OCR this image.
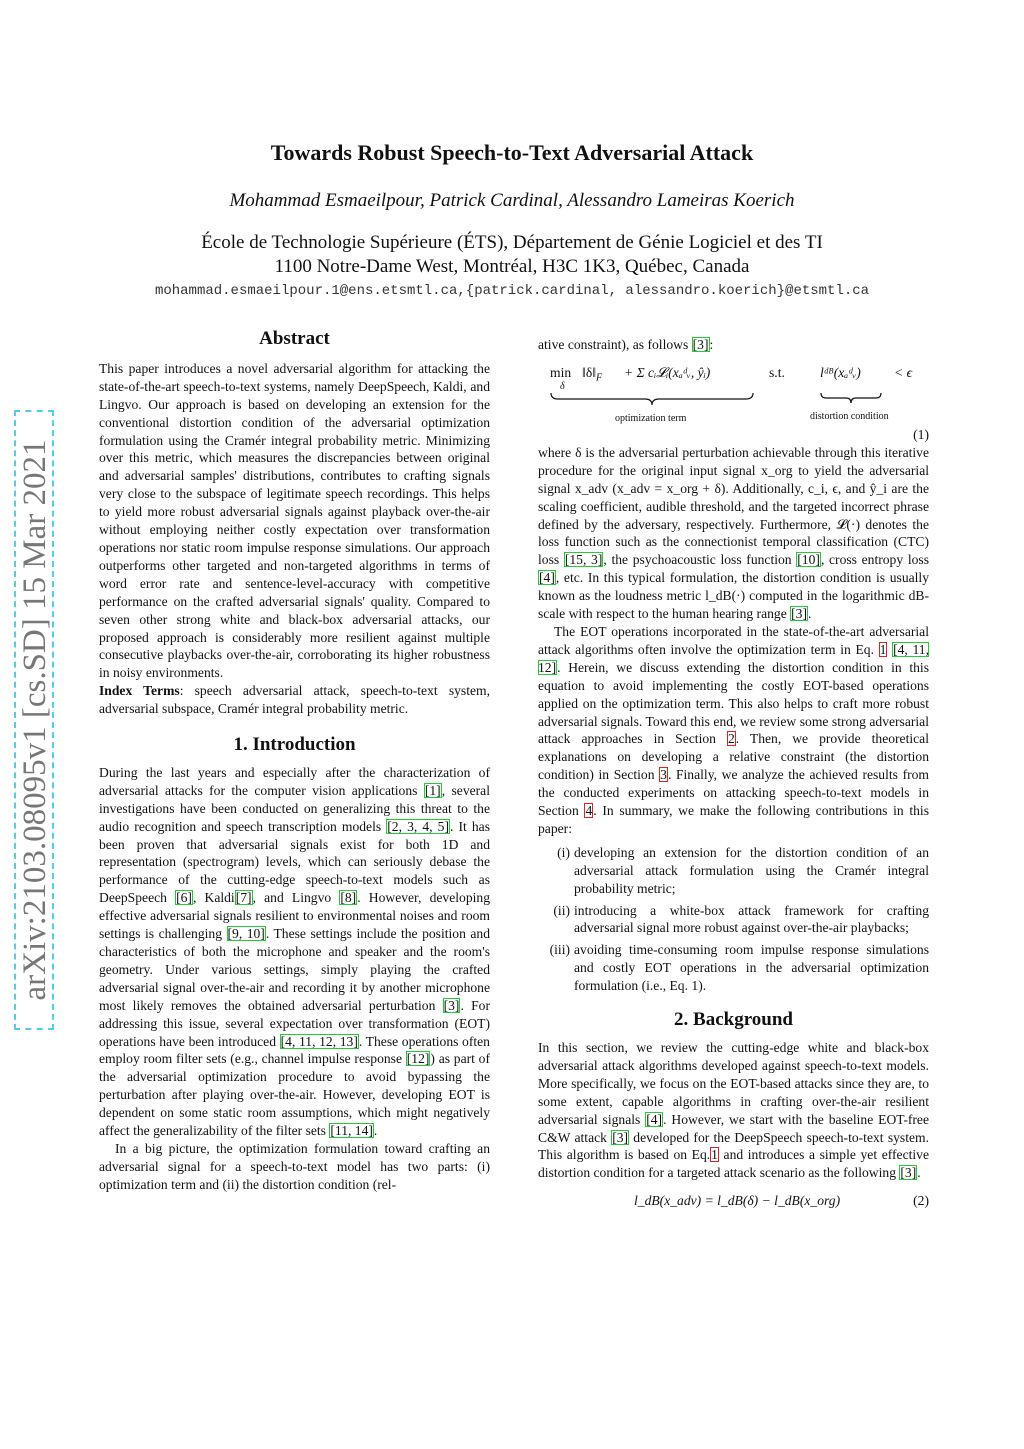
arXiv:2103.08095v1 [cs.SD] 15 Mar 2021
Towards Robust Speech-to-Text Adversarial Attack
Mohammad Esmaeilpour, Patrick Cardinal, Alessandro Lameiras Koerich
École de Technologie Supérieure (ÉTS), Département de Génie Logiciel et des TI
1100 Notre-Dame West, Montréal, H3C 1K3, Québec, Canada
mohammad.esmaeilpour.1@ens.etsmtl.ca,{patrick.cardinal, alessandro.koerich}@etsmtl.ca
Abstract

This paper introduces a novel adversarial algorithm for attacking the state-of-the-art speech-to-text systems, namely DeepSpeech, Kaldi, and Lingvo. Our approach is based on developing an extension for the conventional distortion condition of the adversarial optimization formulation using the Cramér integral probability metric. Minimizing over this metric, which measures the discrepancies between original and adversarial samples' distributions, contributes to crafting signals very close to the subspace of legitimate speech recordings. This helps to yield more robust adversarial signals against playback over-the-air without employing neither costly expectation over transformation operations nor static room impulse response simulations. Our approach outperforms other targeted and non-targeted algorithms in terms of word error rate and sentence-level-accuracy with competitive performance on the crafted adversarial signals' quality. Compared to seven other strong white and black-box adversarial attacks, our proposed approach is considerably more resilient against multiple consecutive playbacks over-the-air, corroborating its higher robustness in noisy environments.

Index Terms: speech adversarial attack, speech-to-text system, adversarial subspace, Cramér integral probability metric.

1. Introduction

During the last years and especially after the characterization of adversarial attacks for the computer vision applications [1], several investigations have been conducted on generalizing this threat to the audio recognition and speech transcription models [2, 3, 4, 5]. It has been proven that adversarial signals exist for both 1D and representation (spectrogram) levels, which can seriously debase the performance of the cutting-edge speech-to-text models such as DeepSpeech [6], Kaldi[7], and Lingvo [8]. However, developing effective adversarial signals resilient to environmental noises and room settings is challenging [9, 10]. These settings include the position and characteristics of both the microphone and speaker and the room's geometry. Under various settings, simply playing the crafted adversarial signal over-the-air and recording it by another microphone most likely removes the obtained adversarial perturbation [3]. For addressing this issue, several expectation over transformation (EOT) operations have been introduced [4, 11, 12, 13]. These operations often employ room filter sets (e.g., channel impulse response [12]) as part of the adversarial optimization procedure to avoid bypassing the perturbation after playing over-the-air. However, developing EOT is dependent on some static room assumptions, which might negatively affect the generalizability of the filter sets [11, 14].

In a big picture, the optimization formulation toward crafting an adversarial signal for a speech-to-text model has two parts: (i) optimization term and (ii) the distortion condition (rel-

ative constraint), as follows [3]:

min
δ
$‖\delta‖_F + \Sigma$ cᵢ𝓛ᵢ(xₐᵈᵥ, ŷᵢ)
optimization term
s.t.	lᵈᴮ(xₐᵈᵥ) < ϵ
distortion condition
(1)

where δ is the adversarial perturbation achievable through this iterative procedure for the original input signal x_org to yield the adversarial signal x_adv (x_adv = x_org + δ). Additionally, c_i, ϵ, and ŷ_i are the scaling coefficient, audible threshold, and the targeted incorrect phrase defined by the adversary, respectively. Furthermore, 𝓛(·) denotes the loss function such as the connectionist temporal classification (CTC) loss [15, 3], the psychoacoustic loss function [10], cross entropy loss [4], etc. In this typical formulation, the distortion condition is usually known as the loudness metric l_dB(·) computed in the logarithmic dB-scale with respect to the human hearing range [3].

The EOT operations incorporated in the state-of-the-art adversarial attack algorithms often involve the optimization term in Eq. 1 [4, 11, 12]. Herein, we discuss extending the distortion condition in this equation to avoid implementing the costly EOT-based operations applied on the optimization term. This also helps to craft more robust adversarial signals. Toward this end, we review some strong adversarial attack approaches in Section 2. Then, we provide theoretical explanations on developing a relative constraint (the distortion condition) in Section 3. Finally, we analyze the achieved results from the conducted experiments on attacking speech-to-text models in Section 4. In summary, we make the following contributions in this paper:

(i) developing an extension for the distortion condition of an adversarial attack formulation using the Cramér integral probability metric;
(ii) introducing a white-box attack framework for crafting adversarial signal more robust against over-the-air playbacks;
(iii) avoiding time-consuming room impulse response simulations and costly EOT operations in the adversarial optimization formulation (i.e., Eq. 1).
2. Background

In this section, we review the cutting-edge white and black-box adversarial attack algorithms developed against speech-to-text models. More specifically, we focus on the EOT-based attacks since they are, to some extent, capable algorithms in crafting over-the-air resilient adversarial signals [4]. However, we start with the baseline EOT-free C&W attack [3] developed for the DeepSpeech speech-to-text system. This algorithm is based on Eq.1 and introduces a simple yet effective distortion condition for a targeted attack scenario as the following [3].

l_dB(x_adv) = l_dB(δ) − l_dB(x_org)	(2)
